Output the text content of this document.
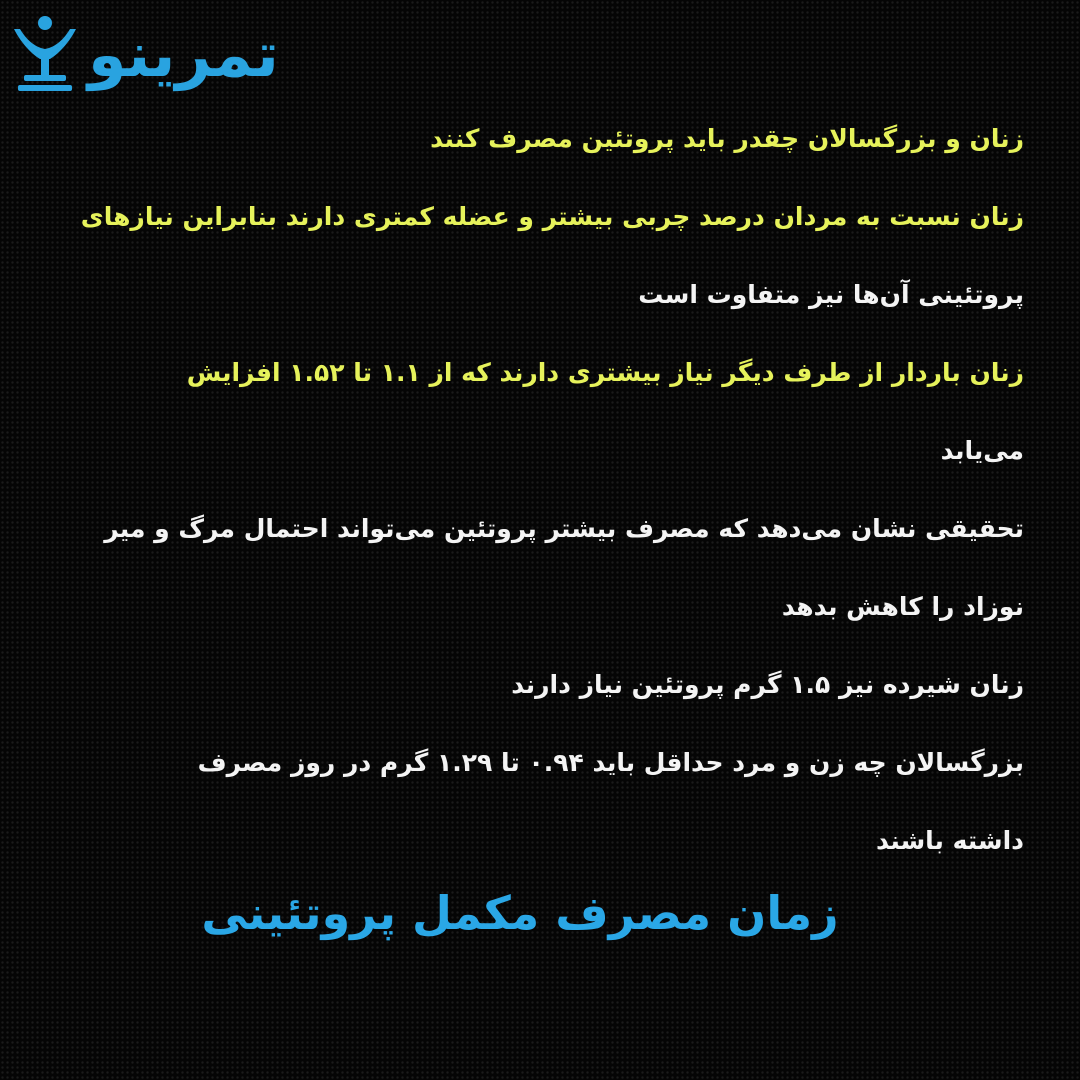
تمرینو
زنان و بزرگسالان چقدر باید پروتئین مصرف کنند
زنان نسبت به مردان درصد چربی بیشتر و عضله کمتری دارند بنابراین نیازهای
پروتئینی آن‌ها نیز متفاوت است
زنان باردار از طرف دیگر نیاز بیشتری دارند که از ۱.۱ تا ۱.۵۲ افزایش
می‌یابد
تحقیقی نشان می‌دهد که مصرف بیشتر پروتئین می‌تواند احتمال مرگ و میر
نوزاد را کاهش بدهد
زنان شیرده نیز ۱.۵ گرم پروتئین نیاز دارند
بزرگسالان چه زن و مرد حداقل باید ۰.۹۴ تا ۱.۲۹ گرم در روز مصرف
داشته باشند
زمان مصرف مکمل پروتئینی
